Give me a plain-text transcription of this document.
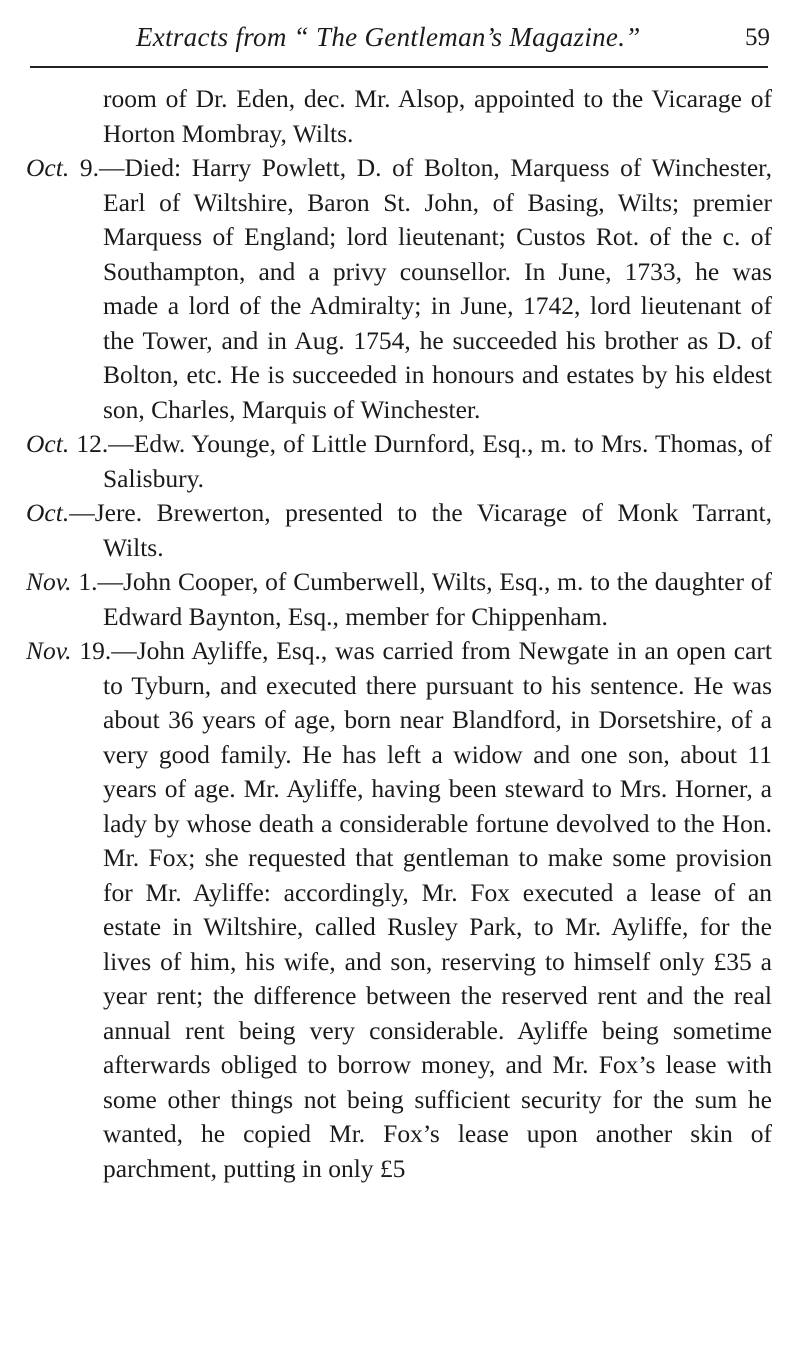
Extracts from “ The Gentleman’s Magazine.”	59

room of Dr. Eden, dec. Mr. Alsop, appointed to the Vicarage of Horton Mombray, Wilts.

Oct. 9.—Died: Harry Powlett, D. of Bolton, Marquess of Winchester, Earl of Wiltshire, Baron St. John, of Basing, Wilts; premier Marquess of England; lord lieutenant; Custos Rot. of the c. of Southampton, and a privy counsellor. In June, 1733, he was made a lord of the Admiralty; in June, 1742, lord lieutenant of the Tower, and in Aug. 1754, he succeeded his brother as D. of Bolton, etc. He is succeeded in honours and estates by his eldest son, Charles, Marquis of Winchester.

Oct. 12.—Edw. Younge, of Little Durnford, Esq., m. to Mrs. Thomas, of Salisbury.

Oct.—Jere. Brewerton, presented to the Vicarage of Monk Tarrant, Wilts.

Nov. 1.—John Cooper, of Cumberwell, Wilts, Esq., m. to the daughter of Edward Baynton, Esq., member for Chippenham.

Nov. 19.—John Ayliffe, Esq., was carried from Newgate in an open cart to Tyburn, and executed there pursuant to his sentence. He was about 36 years of age, born near Blandford, in Dorsetshire, of a very good family. He has left a widow and one son, about 11 years of age. Mr. Ayliffe, having been steward to Mrs. Horner, a lady by whose death a considerable fortune devolved to the Hon. Mr. Fox; she requested that gentleman to make some provision for Mr. Ayliffe: accordingly, Mr. Fox executed a lease of an estate in Wiltshire, called Rusley Park, to Mr. Ayliffe, for the lives of him, his wife, and son, reserving to himself only £35 a year rent; the difference between the reserved rent and the real annual rent being very considerable. Ayliffe being sometime afterwards obliged to borrow money, and Mr. Fox’s lease with some other things not being sufficient security for the sum he wanted, he copied Mr. Fox’s lease upon another skin of parchment, putting in only £5
